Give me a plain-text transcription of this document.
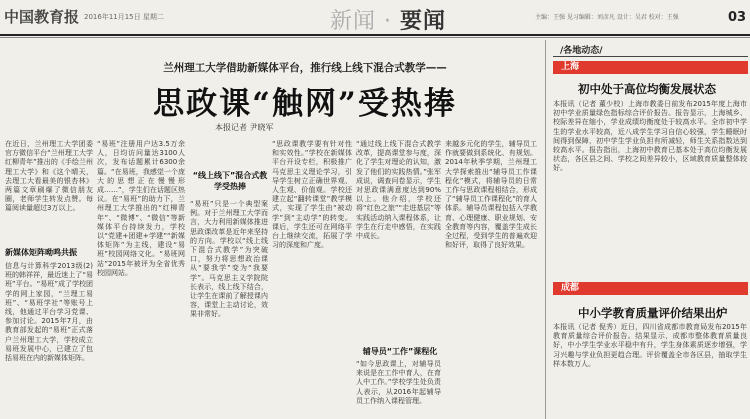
中国教育报 2016年11月15日 星期二	新闻 · 要闻	主编：王强 见习编辑：刘彦凡 设计：吴君 校对：王强	03
兰州理工大学借助新媒体平台，推行线上线下混合式教学——
思政课“触网”受热捧
本报记者 尹晓军
在近日，兰州理工大学团委官方微信平台“兰州理工大学红柳青年”推出的《手绘兰州理工大学》和《这个晴天，去理工大看最美的银杏林》两篇文章刷爆了微信朋友圈，老师学生转发点赞。每篇阅读量超过3万以上。
新媒体矩阵呦鸣共振
信息与计算科学2013级(2)班的韩祥祥，最近迷上了“易班”平台。“易班”成了学校团学的网上家园，“兰理工易班”、“易班学社”等账号上线，他通过平台学习党课、参加讨论。2015年7月，由教育部发起的“易班”正式落户兰州理工大学，学校成立易班发展中心，已建立了包括易班在内的新媒体矩阵。
“易班”注册用户达3.5万余人，日均访问量达3100人次，发布话题累计6300余篇。“在易班，我感觉一个庞大的思想正在慢慢形成……”，学生们在话题区热议。在“易班”的助力下，兰州理工大学推出的“红柳青年”、“微博”、“微信”等新媒体平台持续发力，学校以“党建+团建+学建”“新媒体矩阵”为主线，建设“易班”校园网络文化。“易班网站”2015年被评为全省优秀校园网站。
“线上线下”混合式教学受热捧
“易班”只是一个典型案例。对于兰州理工大学而言，大力利用新媒体推进思政课改革是近年来坚持的方向。学校以“线上线下混合式教学”为突破口，努力将思想政治课从“要我学”变为“我要学”。马克思主义学院院长表示，线上线下结合，让学生在课前了解授课内容，课堂上主动讨论，效果非常好。
“思政课教学要有针对性和实效性。”学校在新媒体平台开设专栏，积极推广马克思主义理论学习，引导学生树立正确世界观、人生观、价值观。学校还建立起“翻转课堂”教学模式，实现了学生由“被动学”到“主动学”的转变。课后，学生还可在网络平台上继续交流，拓展了学习的深度和广度。
“通过线上线下混合式教学改革，提高课堂参与度，深化了学生对理论的认知，激发了他们的实践热情。”张军成说，调查问卷显示，学生对思政课满意度达到90%以上。他介绍，学校还将“红色之旅”“走进基层”等实践活动纳入课程体系，让学生在行走中感悟，在实践中成长。
辅导员“工作”课程化
“如今思政课上，对辅导员来说是在工作中育人，在育人中工作。”学校学生处负责人表示，从2016年起辅导员工作纳入课程管理。
来越多元化的学生，辅导员工作就要做到系统化、有规划。2014年秋季学期，兰州理工大学探索推出“辅导员工作课程化”模式，将辅导员的日常工作与思政课程相结合，形成了“辅导员工作课程化”的育人体系。辅导员课程包括入学教育、心理健康、职业规划、安全教育等内容，覆盖学生成长全过程，受到学生的普遍欢迎和好评，取得了良好效果。
/各地动态/
上海
初中处于高位均衡发展状态
本报讯（记者 董少校）上海市教委日前发布2015年度上海市初中学业质量绿色指标综合评价报告。报告显示，上海城乡、校际差异在缩小，学业成绩均衡度处于较高水平。全市初中学生的学业水平较高，近八成学生学习自信心较强，学生睡眠时间得到保障，初中学生学业负担有所减轻，师生关系指数达到较高水平。报告指出，上海初中教育已基本处于高位均衡发展状态，各区县之间、学校之间差异较小，区域教育质量整体较好。
成都
中小学教育质量评价结果出炉
本报讯（记者 倪秀）近日，四川省成都市教育局发布2015年教育质量综合评价报告。结果显示，成都市整体教育质量良好，中小学生学业水平稳中有升，学生身体素质逐步增强，学习兴趣与学业负担更趋合理。评价覆盖全市各区县，抽取学生样本数万人。
